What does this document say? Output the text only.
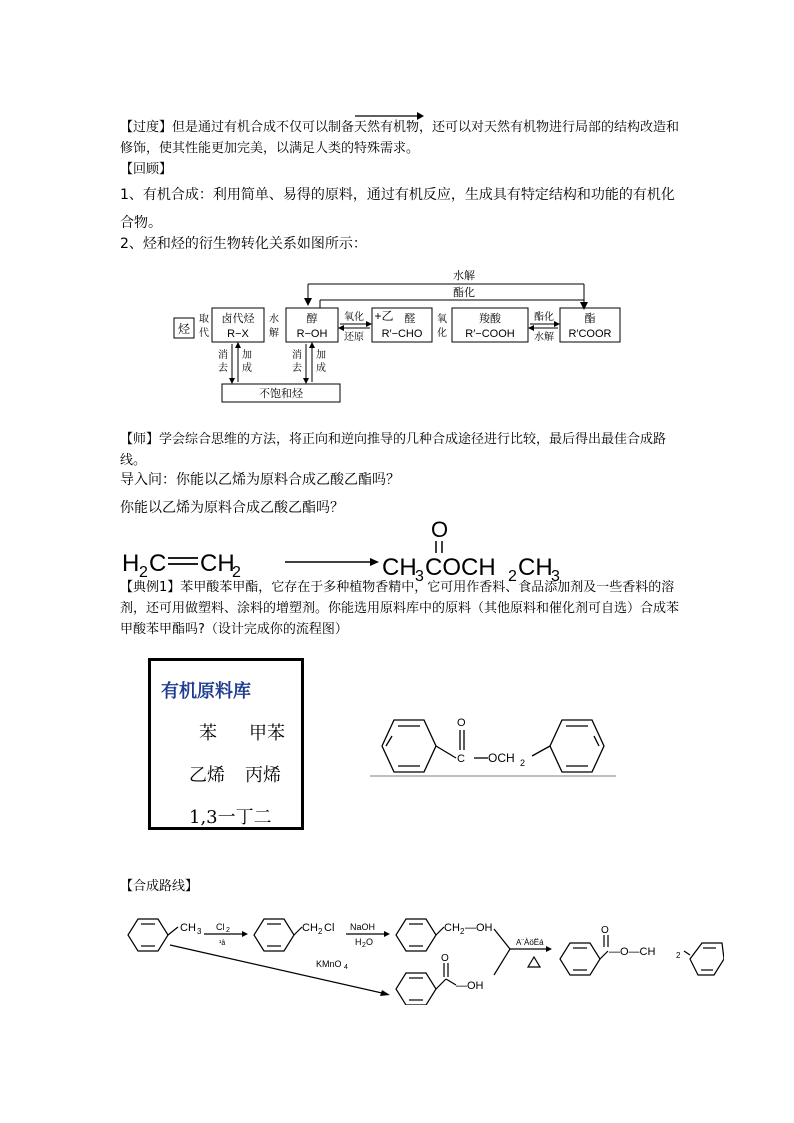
【过度】但是通过有机合成不仅可以制备天然有机物，还可以对天然有机物进行局部的结构改造和修饰，使其性能更加完美，以满足人类的特殊需求。
【回顾】
1、有机合成：利用简单、易得的原料，通过有机反应，生成具有特定结构和功能的有机化合物。
2、烃和烃的衍生物转化关系如图所示：
水解
酯化
烃
取
代
卤代烃
R−X
水
解
醇
R−OH
氧化
还原
+乙 醛
R′−CHO
氧
化
羧酸
R′−COOH
酯化
水解
酯
R′COOR
消
去
加
成
消
去
加
成
不饱和烃
【师】学会综合思维的方法，将正向和逆向推导的几种合成途径进行比较，最后得出最佳合成路线。
导入问：你能以乙烯为原料合成乙酸乙酯吗？
你能以乙烯为原料合成乙酸乙酯吗？
H 2 C CH
2
O
CH
3 COCH 2 CH
3
【典例1】苯甲酸苯甲酯，它存在于多种植物香精中，它可用作香料、食品添加剂及一些香料的溶剂，还可用做塑料、涂料的增塑剂。你能选用原料库中的原料（其他原料和催化剂可自选）合成苯甲酸苯甲酯吗?（设计完成你的流程图）
有机原料库
苯 甲苯
乙烯 丙烯
1,3一丁二
O
C OCH 2
【合成路线】
CH 3 Cl 2
¹â
CH 2 Cl NaOH
H 2 O
CH 2 —OH
A¨ÀöËá
KMnO 4
O
—OH
O
—O—CH	2
